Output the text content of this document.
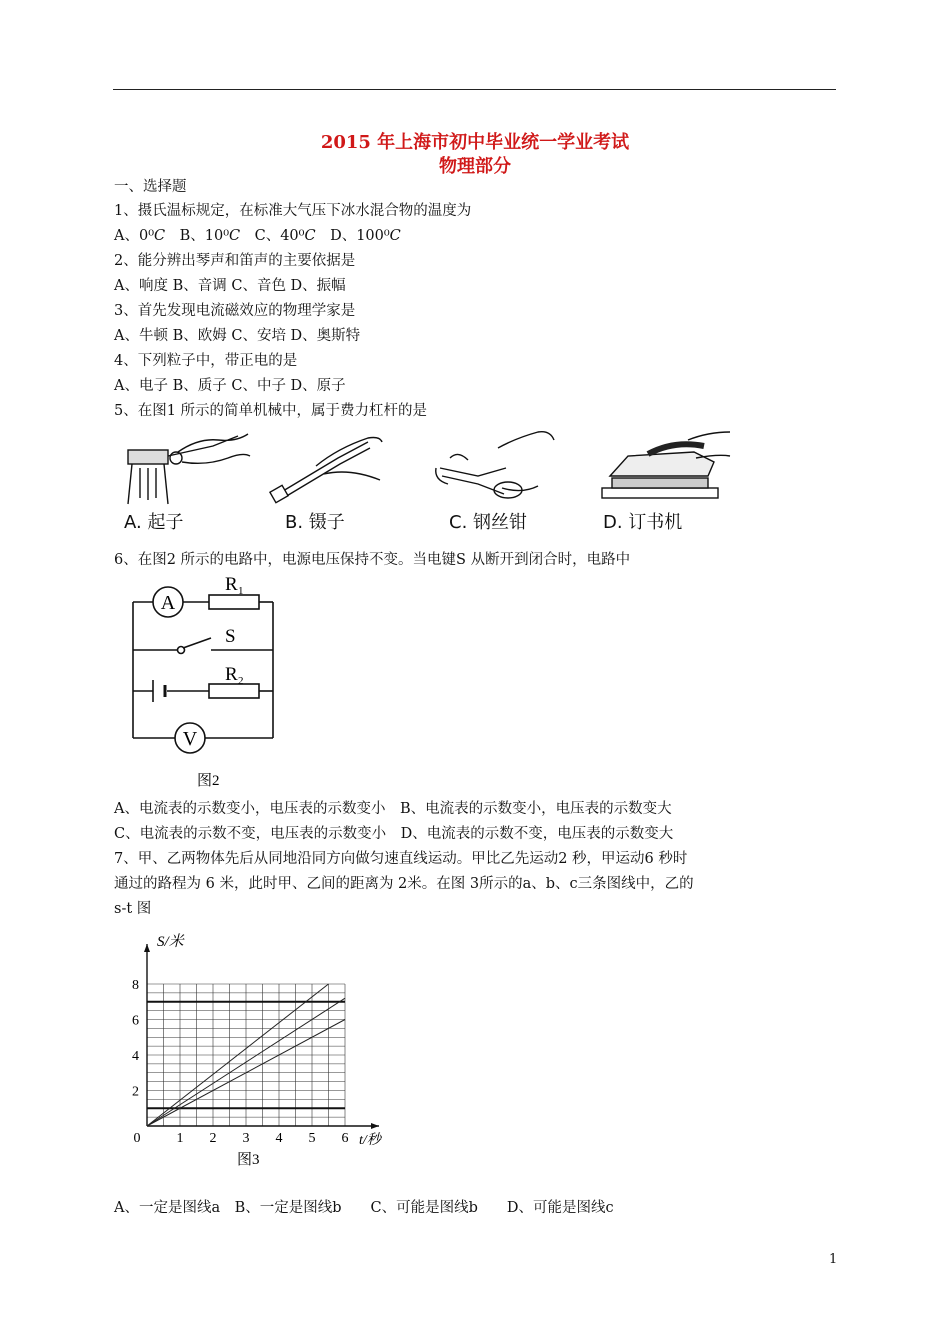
2015 年上海市初中毕业统一学业考试
物理部分
一、选择题
1、摄氏温标规定，在标准大气压下冰水混合物的温度为
A、0⁰𝐶　B、10⁰𝐶　C、40⁰𝐶　D、100⁰𝐶
2、能分辨出琴声和笛声的主要依据是
A、响度 B、音调 C、音色 D、振幅
3、首先发现电流磁效应的物理学家是
A、牛顿 B、欧姆 C、安培 D、奥斯特
4、下列粒子中，带正电的是
A、电子 B、质子 C、中子 D、原子
5、在图1 所示的简单机械中，属于费力杠杆的是
A. 起子	B. 镊子	C. 钢丝钳	D. 订书机
6、在图2 所示的电路中，电源电压保持不变。当电键S 从断开到闭合时，电路中
A
V
R 1
S
R 2
图2
A、电流表的示数变小，电压表的示数变小　B、电流表的示数变小，电压表的示数变大
C、电流表的示数不变，电压表的示数变小　D、电流表的示数不变，电压表的示数变大
7、甲、乙两物体先后从同地沿同方向做匀速直线运动。甲比乙先运动2 秒，甲运动6 秒时
通过的路程为 6 米，此时甲、乙间的距离为 2米。在图 3所示的a、b、c三条图线中，乙的
s-t 图
0	1 2 3 4 5 6
2
4
6
8
S/米
t/秒
图3
A、一定是图线a　B、一定是图线b　　C、可能是图线b　　D、可能是图线c
1
